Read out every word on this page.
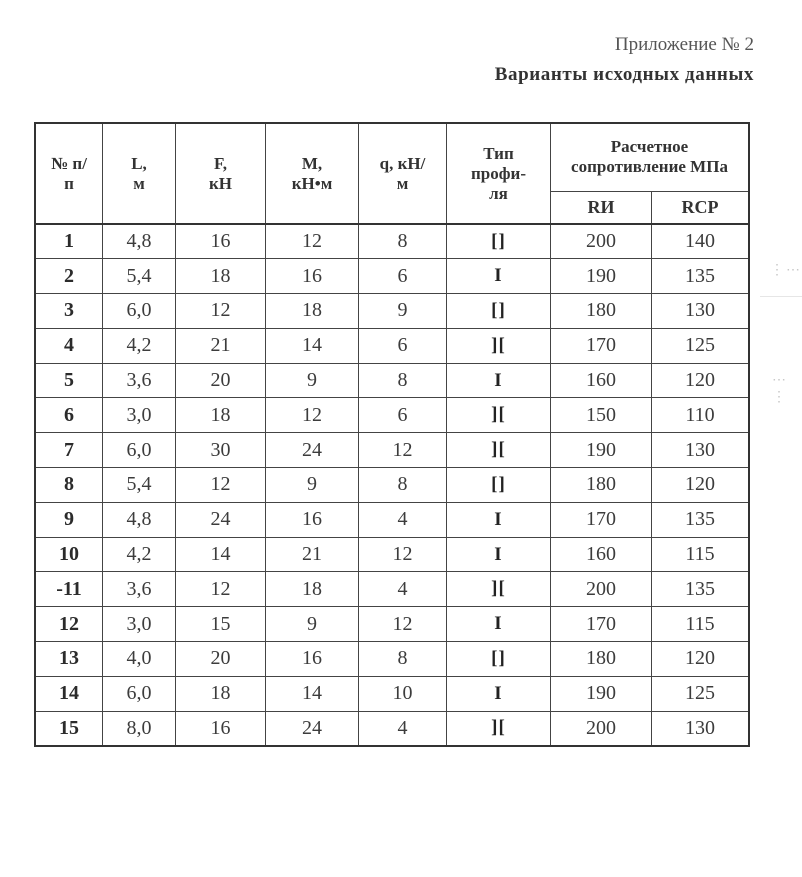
Приложение № 2
Варианты исходных данных
⋮⋯
⋯⋮
№ п/п	L, м	F, кН	М, кН•м	q, кН/м	Тип профи- ля	Расчетное сопротивление МПа	

						RИ	RСР
1	4,8	16	12	8	[]	200	140
2	5,4	18	16	6	I	190	135
3	6,0	12	18	9	[]	180	130
4	4,2	21	14	6	][	170	125
5	3,6	20	9	8	I	160	120
6	3,0	18	12	6	][	150	110
7	6,0	30	24	12	][	190	130
8	5,4	12	9	8	[]	180	120
9	4,8	24	16	4	I	170	135
10	4,2	14	21	12	I	160	115
-11	3,6	12	18	4	][	200	135
12	3,0	15	9	12	I	170	115
13	4,0	20	16	8	[]	180	120
14	6,0	18	14	10	I	190	125
15	8,0	16	24	4	][	200	130
